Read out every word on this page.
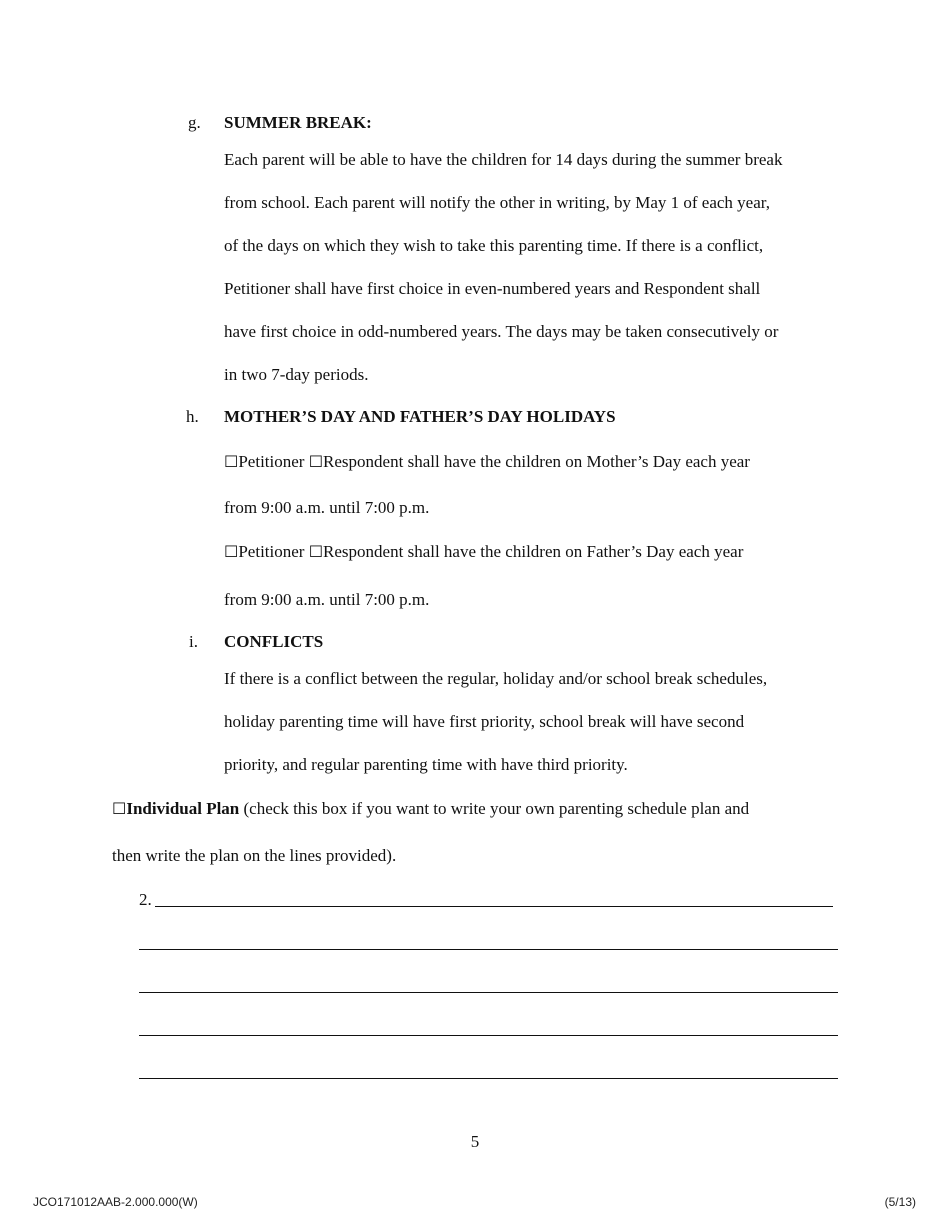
g. SUMMER BREAK:
Each parent will be able to have the children for 14 days during the summer break
from school. Each parent will notify the other in writing, by May 1 of each year,
of the days on which they wish to take this parenting time. If there is a conflict,
Petitioner shall have first choice in even-numbered years and Respondent shall
have first choice in odd-numbered years. The days may be taken consecutively or
in two 7-day periods.
h. MOTHER’S DAY AND FATHER’S DAY HOLIDAYS
☐Petitioner ☐Respondent shall have the children on Mother’s Day each year
from 9:00 a.m. until 7:00 p.m.
☐Petitioner ☐Respondent shall have the children on Father’s Day each year
from 9:00 a.m. until 7:00 p.m.
i. CONFLICTS
If there is a conflict between the regular, holiday and/or school break schedules,
holiday parenting time will have first priority, school break will have second
priority, and regular parenting time with have third priority.
☐Individual Plan (check this box if you want to write your own parenting schedule plan and
then write the plan on the lines provided).
2.
5
JCO171012AAB-2.000.000(W)	(5/13)
